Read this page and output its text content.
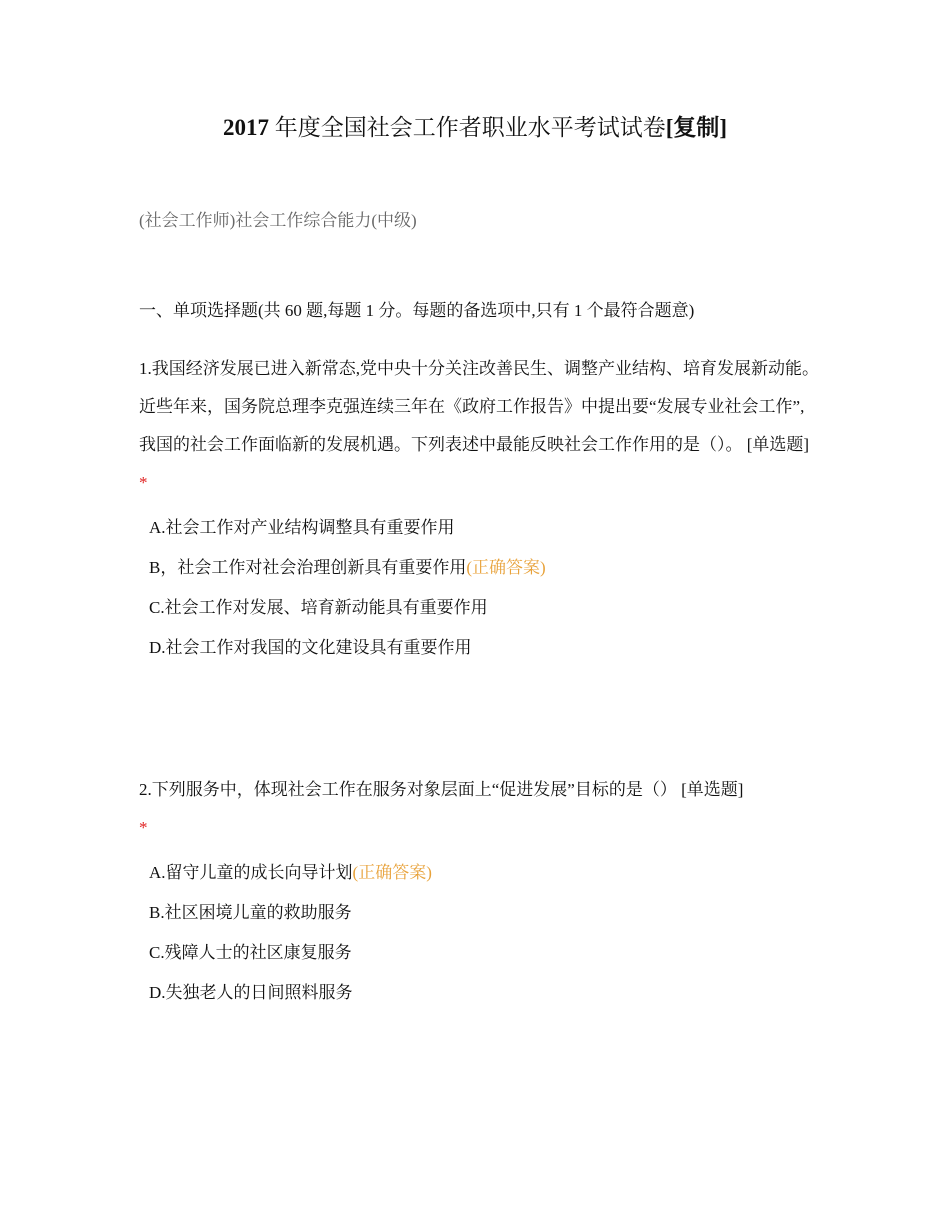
2017 年度全国社会工作者职业水平考试试卷[复制]
(社会工作师)社会工作综合能力(中级)
一、单项选择题(共 60 题,每题 1 分。每题的备选项中,只有 1 个最符合题意)
1.我国经济发展已进入新常态,党中央十分关注改善民生、调整产业结构、培育发展新动能。近些年来，国务院总理李克强连续三年在《政府工作报告》中提出要“发展专业社会工作”,我国的社会工作面临新的发展机遇。下列表述中最能反映社会工作作用的是（）。 [单选题] *
A.社会工作对产业结构调整具有重要作用
B，社会工作对社会治理创新具有重要作用(正确答案)
C.社会工作对发展、培育新动能具有重要作用
D.社会工作对我国的文化建设具有重要作用
2.下列服务中，体现社会工作在服务对象层面上“促进发展”目标的是（） [单选题]
*
A.留守儿童的成长向导计划(正确答案)
B.社区困境儿童的救助服务
C.残障人士的社区康复服务
D.失独老人的日间照料服务
